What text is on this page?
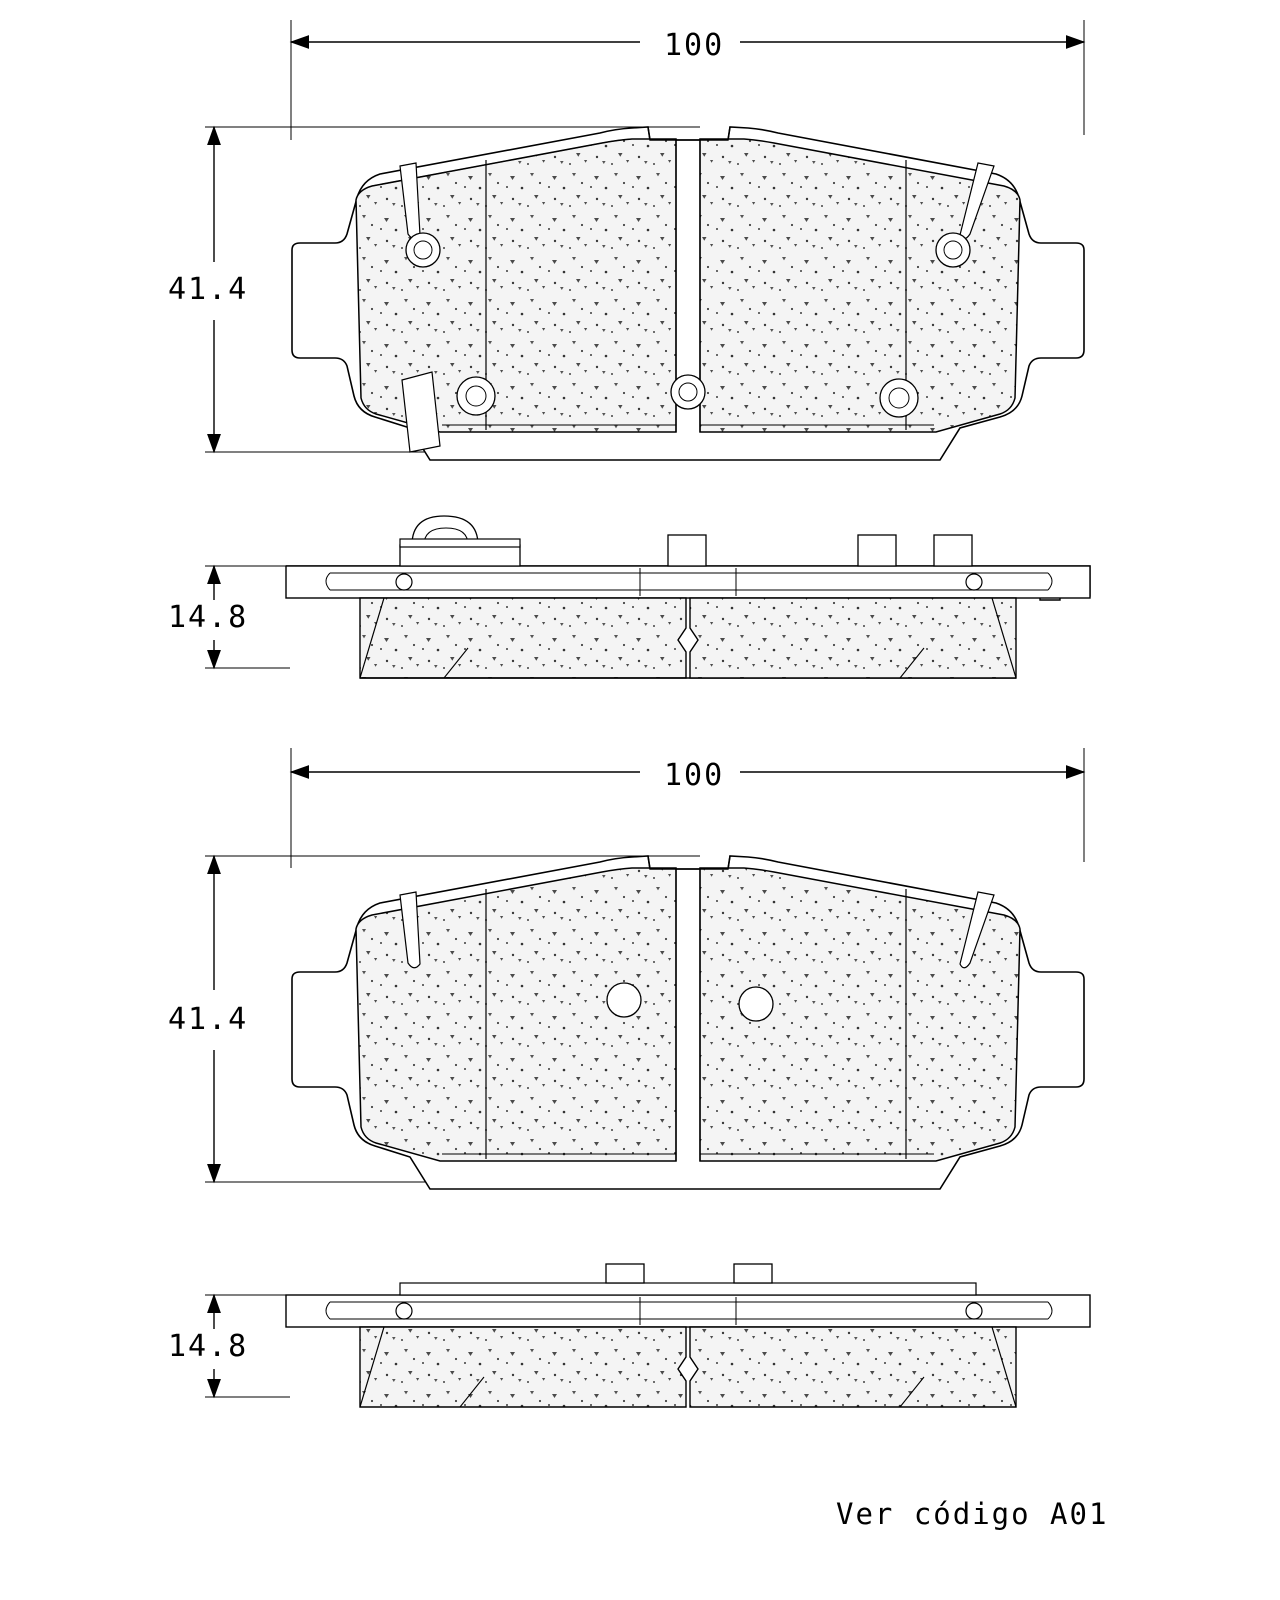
100
41.4
14.8
100
41.4
14.8
Ver código A01
